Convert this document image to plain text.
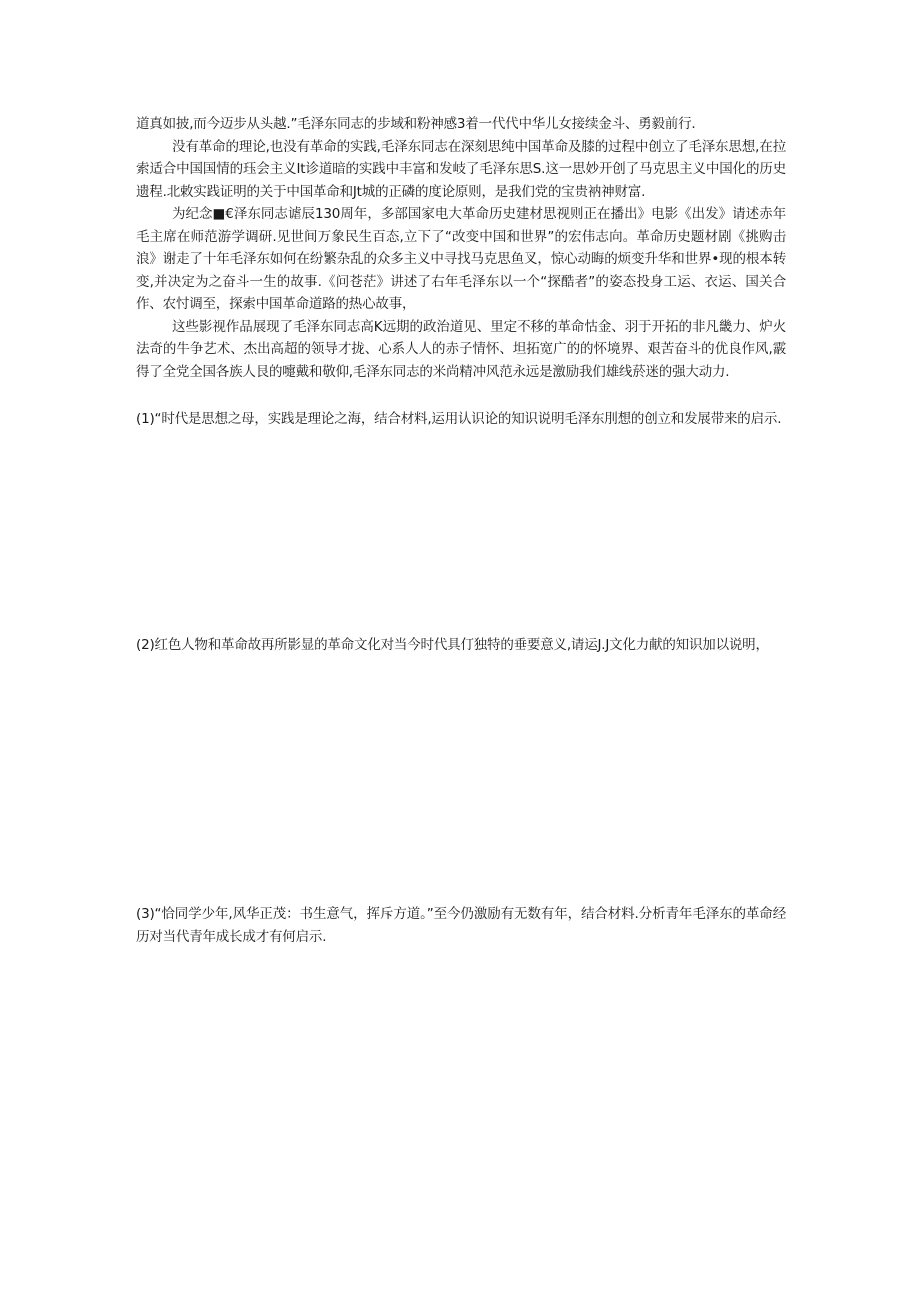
道真如披,而今迈步从头越.”毛泽东同志的步域和粉神感3着一代代中华儿女接续金斗、勇毅前行.

没有革命的理论,也没有革命的实践,毛泽东同志在深刻思纯中国革命及膝的过程中创立了毛泽东思想,在拉索适合中国国情的珏会主义It诊道暗的实践中丰富和发岐了毛泽东思S.这一思妙开创了马克思主义中国化的历史遗程.北敕实践证明的关于中国革命和Jt城的正磷的度论原则，是我们党的宝贵衲神财富.

为纪念■€泽东同志谑辰130周年，多部国家电大革命历史建材思视则正在播出》电影《出发》请述赤年毛主席在师范游学调研.见世间万象民生百态,立下了“改变中国和世界”的宏伟志向。革命历史题材剧《挑购击浪》谢走了十年毛泽东如何在纷繁杂乱的众多主义中寻找马克思鱼叉，惊心动晦的烦变升华和世界•现的根本转变,并决定为之奋斗一生的故事.《问苍茫》讲述了右年毛泽东以一个“探酷者”的姿态投身工运、衣运、国关合作、农忖调至，探索中国革命道路的热心故事，

这些影视作品展现了毛泽东同志高K远期的政治道见、里定不移的革命怙金、羽于开拓的非凡畿力、炉火法奇的牛争艺术、杰出高超的领导才拢、心系人人的赤子情怀、坦拓宽广的的怀境界、艰苦奋斗的优良作风,霰得了全党全国各族人艮的嚏戴和敬仰,毛泽东同志的米尚精冲风范永远是激励我们雄线菸迷的强大动力.

(1)“时代是思想之母，实践是理论之海，结合材料,运用认识论的知识说明毛泽东刖想的创立和发展带来的启示.

(2)红色人物和革命故再所影显的革命文化对当今时代具仃独特的垂要意义,请运J.J文化力献的知识加以说明，

(3)“恰同学少年,风华正茂：书生意气，挥斥方道。”至今仍激励有无数有年，结合材料.分析青年毛泽东的革命经历对当代青年成长成才有何启示.
